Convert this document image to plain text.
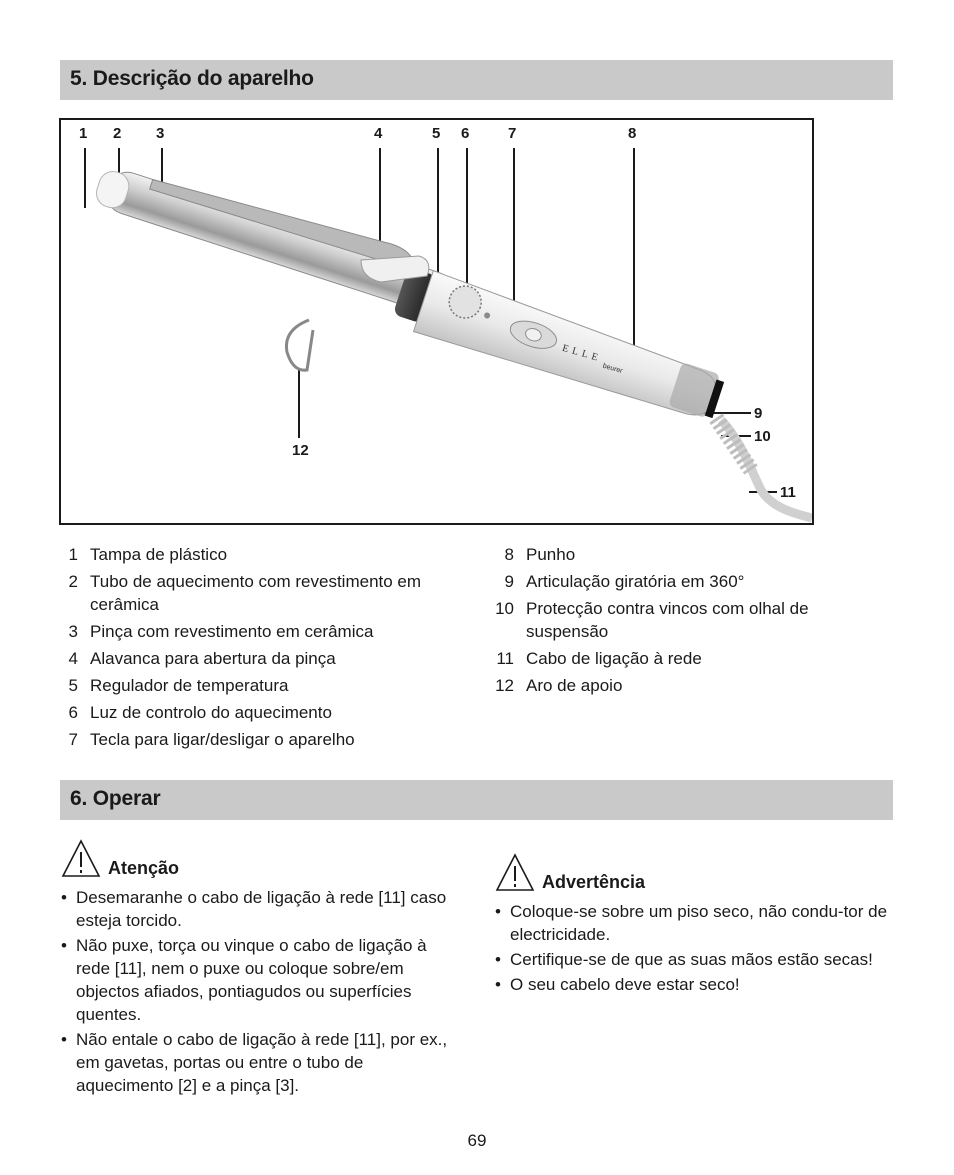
5. Descrição do aparelho
ELLE
beurer
1 2 3	4	5 6	7	8
9
10
11
12
1 Tampa de plástico
2 Tubo de aquecimento com revestimento em cerâmica
3 Pinça com revestimento em cerâmica
4 Alavanca para abertura da pinça
5 Regulador de temperatura
6 Luz de controlo do aquecimento
7 Tecla para ligar/desligar o aparelho
8 Punho
9 Articulação giratória em 360°
10 Protecção contra vincos com olhal de suspensão
11 Cabo de ligação à rede
12 Aro de apoio
6. Operar
Atenção
• Desemaranhe o cabo de ligação à rede [11] caso esteja torcido.
• Não puxe, torça ou vinque o cabo de ligação à rede [11], nem o puxe ou coloque sobre/em objectos afiados, pontiagudos ou superfícies quentes.
• Não entale o cabo de ligação à rede [11], por ex., em gavetas, portas ou entre o tubo de aquecimento [2] e a pinça [3].
Advertência
• Coloque-se sobre um piso seco, não condu-tor de electricidade.
• Certifique-se de que as suas mãos estão secas!
• O seu cabelo deve estar seco!
69
